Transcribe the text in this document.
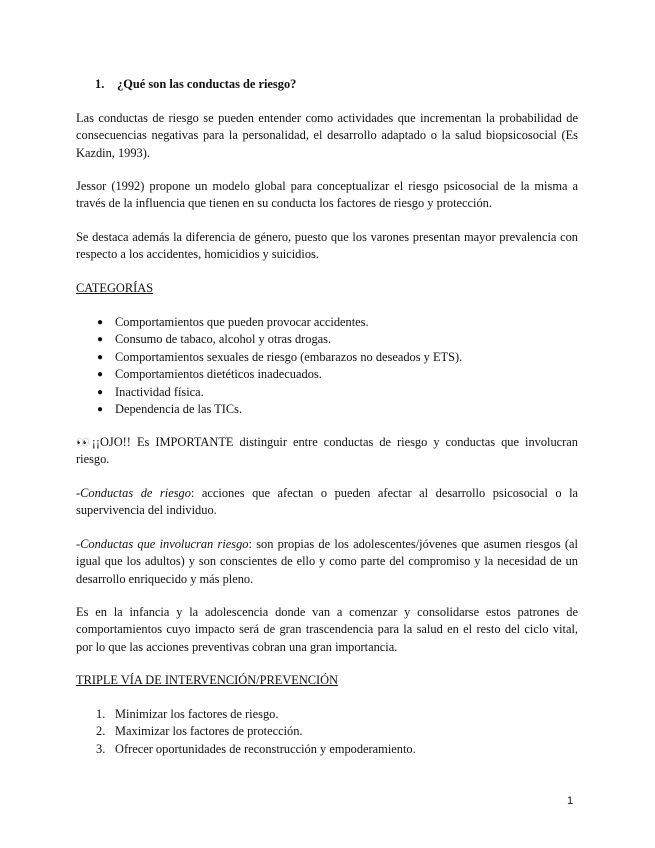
1. ¿Qué son las conductas de riesgo?

Las conductas de riesgo se pueden entender como actividades que incrementan la probabilidad de consecuencias negativas para la personalidad, el desarrollo adaptado o la salud biopsicosocial (Es Kazdin, 1993).

Jessor (1992) propone un modelo global para conceptualizar el riesgo psicosocial de la misma a través de la influencia que tienen en su conducta los factores de riesgo y protección.

Se destaca además la diferencia de género, puesto que los varones presentan mayor prevalencia con respecto a los accidentes, homicidios y suicidios.

CATEGORÍAS
● Comportamientos que pueden provocar accidentes.
● Consumo de tabaco, alcohol y otras drogas.
● Comportamientos sexuales de riesgo (embarazos no deseados y ETS).
● Comportamientos dietéticos inadecuados.
● Inactividad física.
● Dependencia de las TICs.

👀 ¡¡OJO!! Es IMPORTANTE distinguir entre conductas de riesgo y conductas que involucran riesgo.

-Conductas de riesgo: acciones que afectan o pueden afectar al desarrollo psicosocial o la supervivencia del individuo.

-Conductas que involucran riesgo: son propias de los adolescentes/jóvenes que asumen riesgos (al igual que los adultos) y son conscientes de ello y como parte del compromiso y la necesidad de un desarrollo enriquecido y más pleno.

Es en la infancia y la adolescencia donde van a comenzar y consolidarse estos patrones de comportamientos cuyo impacto será de gran trascendencia para la salud en el resto del ciclo vital, por lo que las acciones preventivas cobran una gran importancia.

TRIPLE VÍA DE INTERVENCIÓN/PREVENCIÓN
1. Minimizar los factores de riesgo.
2. Maximizar los factores de protección.
3. Ofrecer oportunidades de reconstrucción y empoderamiento.
1
